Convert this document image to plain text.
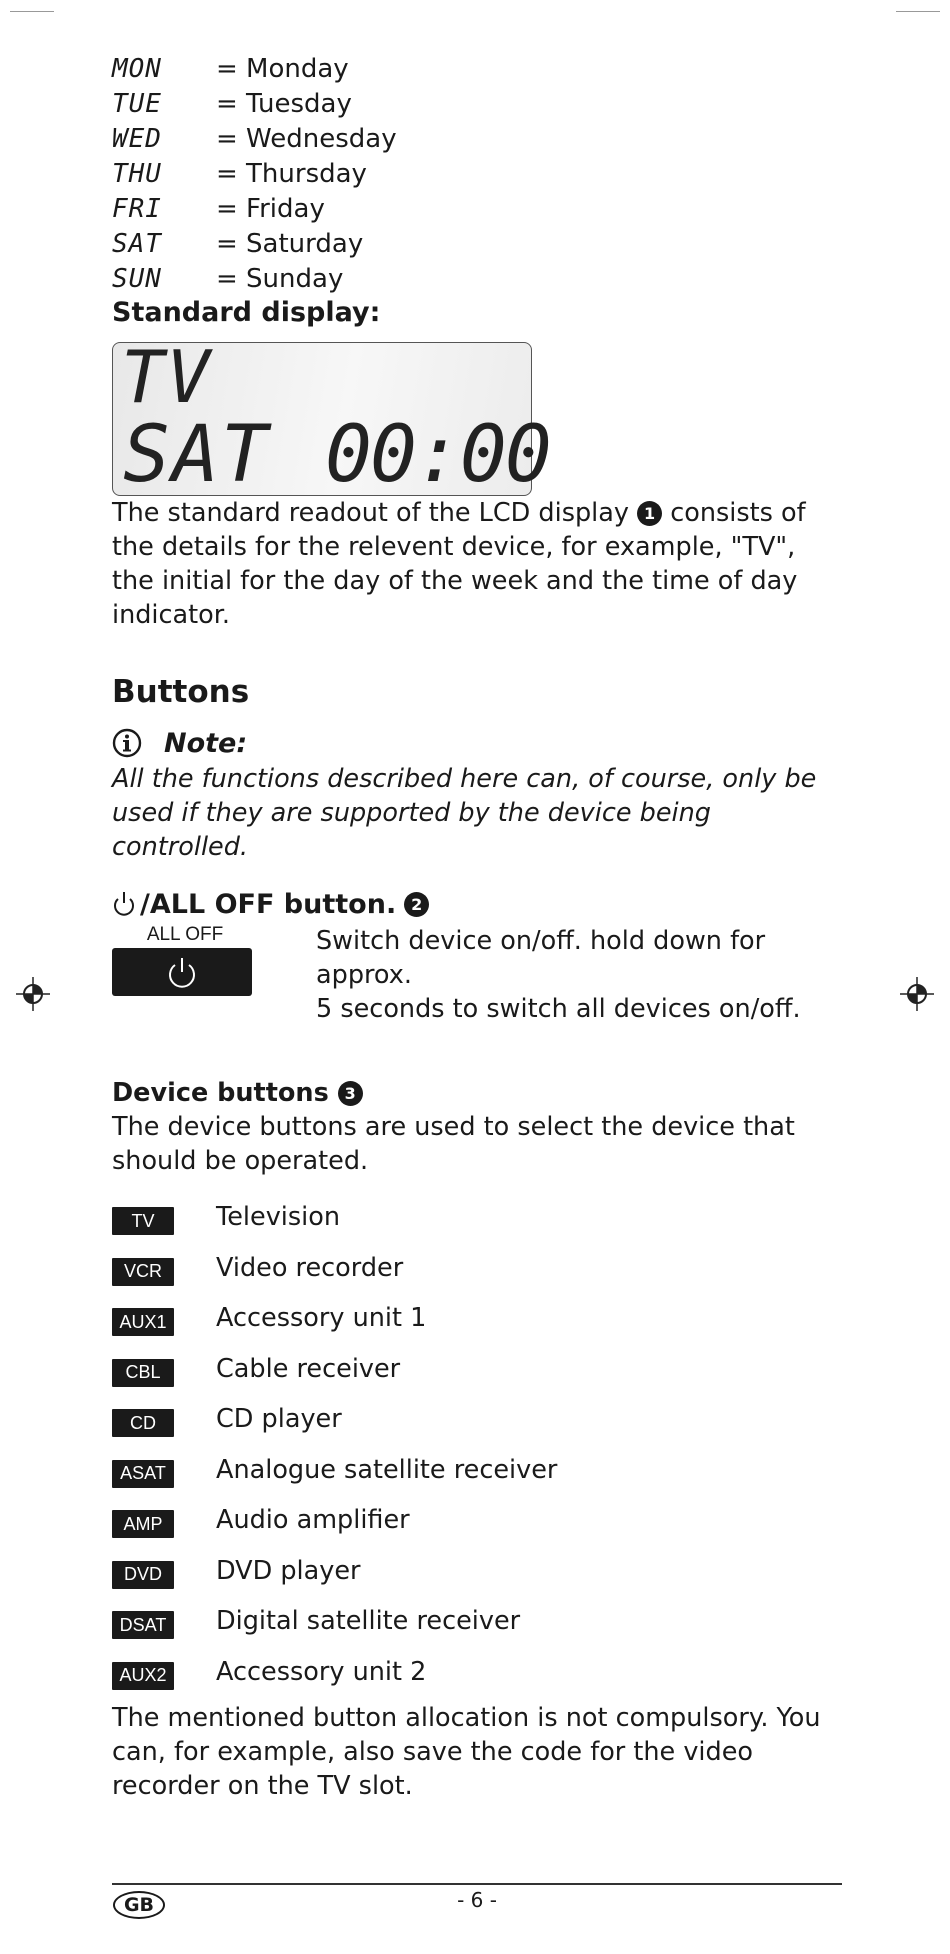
MON	= Monday
TUE	= Tuesday
WED	= Wednesday
THU	= Thursday
FRI	= Friday
SAT	= Saturday
SUN	= Sunday
Standard display:
TV
SAT 00:00

The standard readout of the LCD display 1 consists of the details for the relevent device, for example, "TV", the initial for the day of the week and the time of day indicator.

Buttons
Note:

All the functions described here can, of course, only be used if they are supported by the device being controlled.

/ALL OFF button. 2
ALL OFF	Switch device on/off. hold down for approx.
5 seconds to switch all devices on/off.
Device buttons 3

The device buttons are used to select the device that should be operated.

TV	Television
VCR	Video recorder
AUX1 Accessory unit 1
CBL	Cable receiver
CD	CD player
ASAT	Analogue satellite receiver
AMP	Audio amplifier
DVD	DVD player
DSAT	Digital satellite receiver
AUX2 Accessory unit 2

The mentioned button allocation is not compulsory. You can, for example, also save the code for the video recorder on the TV slot.

GB	- 6 -
